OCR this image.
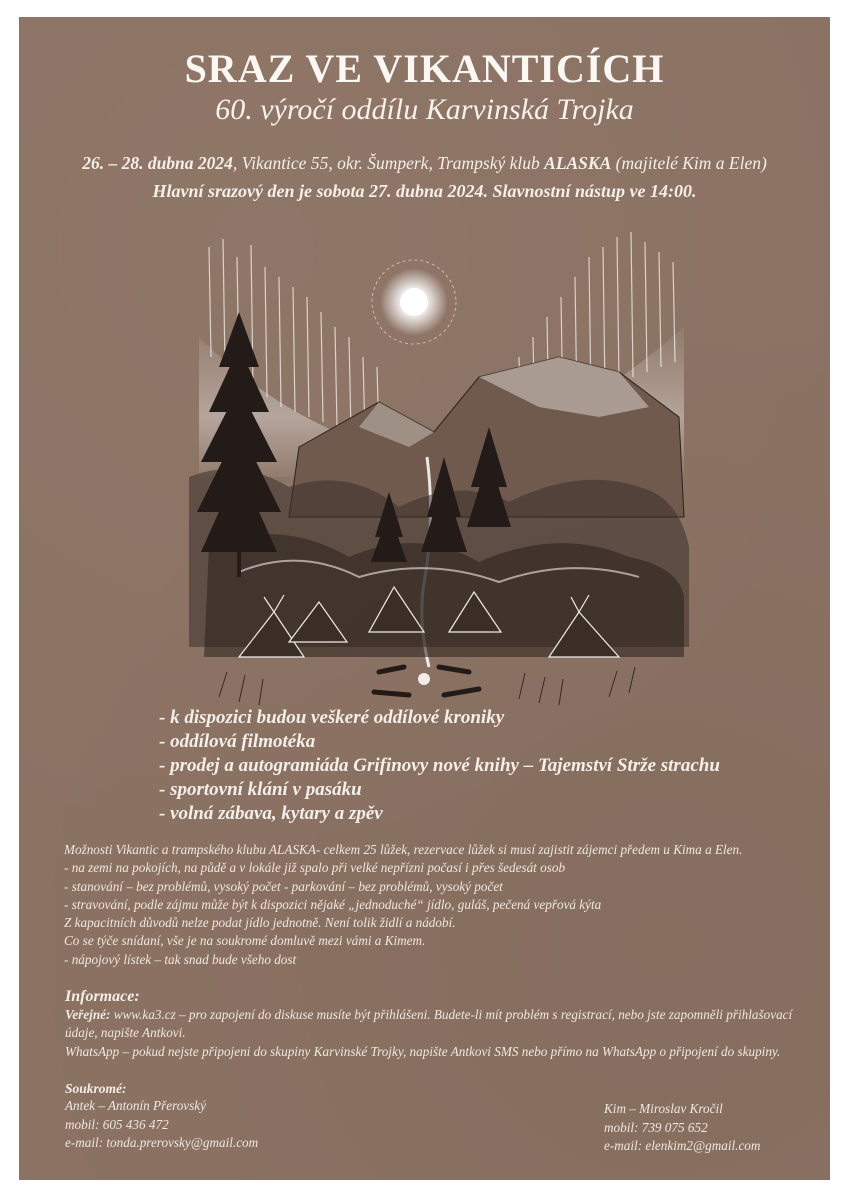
SRAZ VE VIKANTICÍCH
60. výročí oddílu Karvinská Trojka
26. – 28. dubna 2024, Vikantice 55, okr. Šumperk, Trampský klub ALASKA (majitelé Kim a Elen)
Hlavní srazový den je sobota 27. dubna 2024. Slavnostní nástup ve 14:00.
- k dispozici budou veškeré oddílové kroniky
- oddílová filmotéka
- prodej a autogramiáda Grifinovy nové knihy – Tajemství Strže strachu
- sportovní klání v pasáku
- volná zábava, kytary a zpěv
Možnosti Vikantic a trampského klubu ALASKA- celkem 25 lůžek, rezervace lůžek si musí zajistit zájemci předem u Kima a Elen.
- na zemi na pokojích, na půdě a v lokále již spalo při velké nepřízni počasí i přes šedesát osob
- stanování – bez problémů, vysoký počet - parkování – bez problémů, vysoký počet
- stravování, podle zájmu může být k dispozici nějaké „jednoduché“ jídlo, guláš, pečená vepřová kýta
Z kapacitních důvodů nelze podat jídlo jednotně. Není tolik židlí a nádobí.
Co se týče snídaní, vše je na soukromé domluvě mezi vámi a Kimem.
- nápojový lístek – tak snad bude všeho dost
Informace:
Veřejné: www.ka3.cz – pro zapojení do diskuse musíte být přihlášeni. Budete-li mít problém s registrací, nebo jste zapomněli přihlašovací údaje, napište Antkovi.
WhatsApp – pokud nejste připojeni do skupiny Karvinské Trojky, napište Antkovi SMS nebo přímo na WhatsApp o připojení do skupiny.
Soukromé:
Antek – Antonín Přerovský
mobil: 605 436 472
e-mail: tonda.prerovsky@gmail.com
Kim – Miroslav Kročil
mobil: 739 075 652
e-mail: elenkim2@gmail.com
